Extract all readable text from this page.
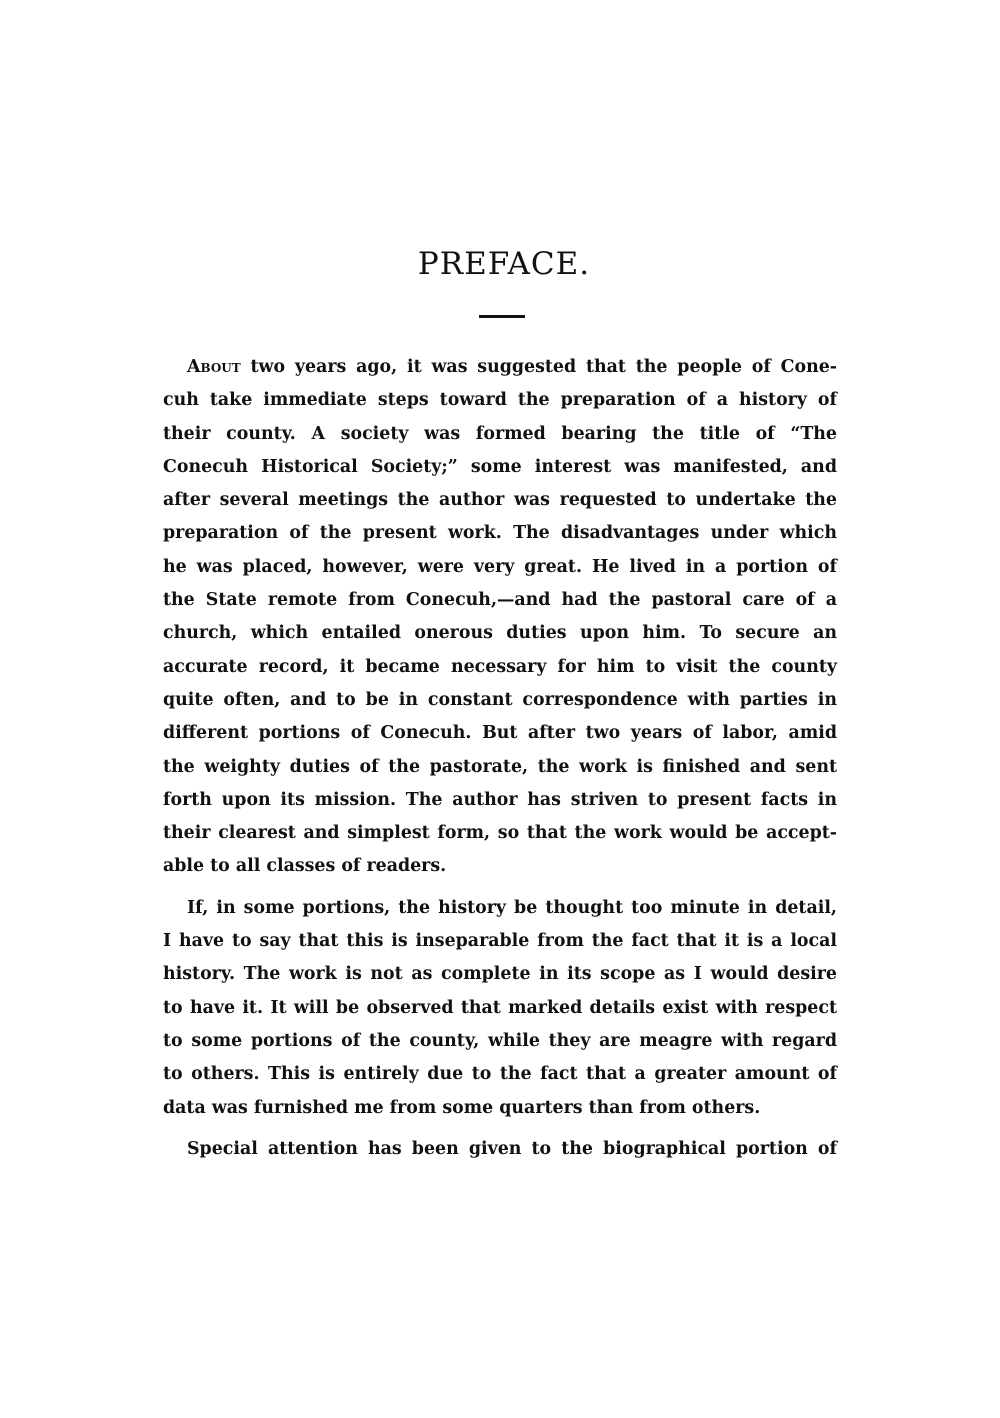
PREFACE.

About two years ago, it was suggested that the people of Cone-
cuh take immediate steps toward the preparation of a history of
their county. A society was formed bearing the title of “The
Conecuh Historical Society;” some interest was manifested, and
after several meetings the author was requested to undertake the
preparation of the present work. The disadvantages under which
he was placed, however, were very great. He lived in a portion of
the State remote from Conecuh,—and had the pastoral care of a
church, which entailed onerous duties upon him. To secure an
accurate record, it became necessary for him to visit the county
quite often, and to be in constant correspondence with parties in
different portions of Conecuh. But after two years of labor, amid
the weighty duties of the pastorate, the work is finished and sent
forth upon its mission. The author has striven to present facts in
their clearest and simplest form, so that the work would be accept-
able to all classes of readers.

If, in some portions, the history be thought too minute in detail,
I have to say that this is inseparable from the fact that it is a local
history. The work is not as complete in its scope as I would desire
to have it. It will be observed that marked details exist with respect
to some portions of the county, while they are meagre with regard
to others. This is entirely due to the fact that a greater amount of
data was furnished me from some quarters than from others.

Special attention has been given to the biographical portion of
